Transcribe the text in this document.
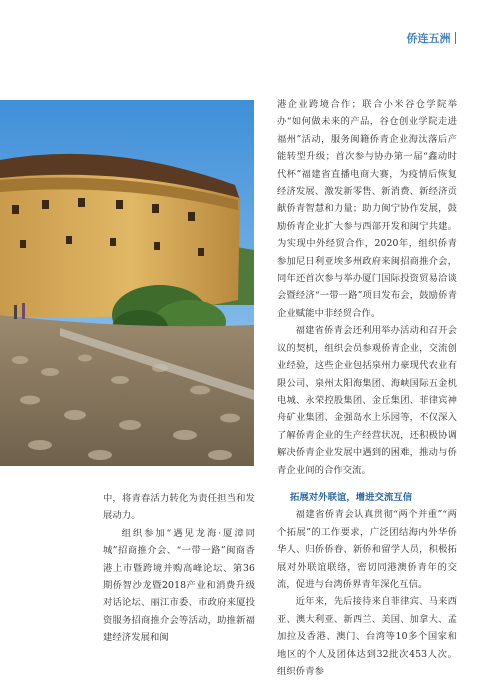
侨连五洲

港企业跨境合作；联合小米谷仓学院举办“如何做未来的产品，谷仓创业学院走进福州”活动，服务闽籍侨青企业海汰落后产能转型升级；首次参与协办第一届“鑫动时代杯”福建省直播电商大赛，为疫情后恢复经济发展、激发新零售、新消费、新经济贡献侨青智慧和力量；助力闽宁协作发展，鼓励侨青企业扩大参与西部开发和闽宁共建。为实现中外经贸合作，2020年，组织侨青参加尼日利亚埃多州政府来闽招商推介会，同年还首次参与举办厦门国际投资贸易洽谈会暨经济“一带一路”项目发布会，鼓励侨青企业赋能中非经贸合作。

福建省侨青会还利用举办活动和召开会议的契机，组织会员参观侨青企业，交流创业经验，这些企业包括泉州力豪现代农业有限公司、泉州太阳海集团、海峡国际五金机电城、永荣控股集团、金丘集团、菲律宾神舟矿业集团、金强岛水上乐园等，不仅深入了解侨青企业的生产经营状况，还积极协调解决侨青企业发展中遇到的困难，推动与侨青企业间的合作交流。

拓展对外联谊，增进交流互信

福建省侨青会认真贯彻“两个并重”“两个拓展”的工作要求，广泛团结海内外华侨华人、归侨侨眷、新侨和留学人员，积极拓展对外联谊联络，密切同港澳侨青年的交流，促进与台湾侨界青年深化互信。

近年来，先后接待来自菲律宾、马来西亚、澳大利亚、新西兰、美国、加拿大、孟加拉及香港、澳门、台湾等10多个国家和地区的个人及团体达到32批次453人次。组织侨青参

中，将青春活力转化为责任担当和发展动力。

组织参加“遇见龙海·厦漳同城”招商推介会、“一带一路”闽商香港上市暨跨境并购高峰论坛、第36期侨智沙龙暨2018产业和消费升级对话论坛、丽江市委、市政府来厦投资服务招商推介会等活动，助推新福建经济发展和闽
